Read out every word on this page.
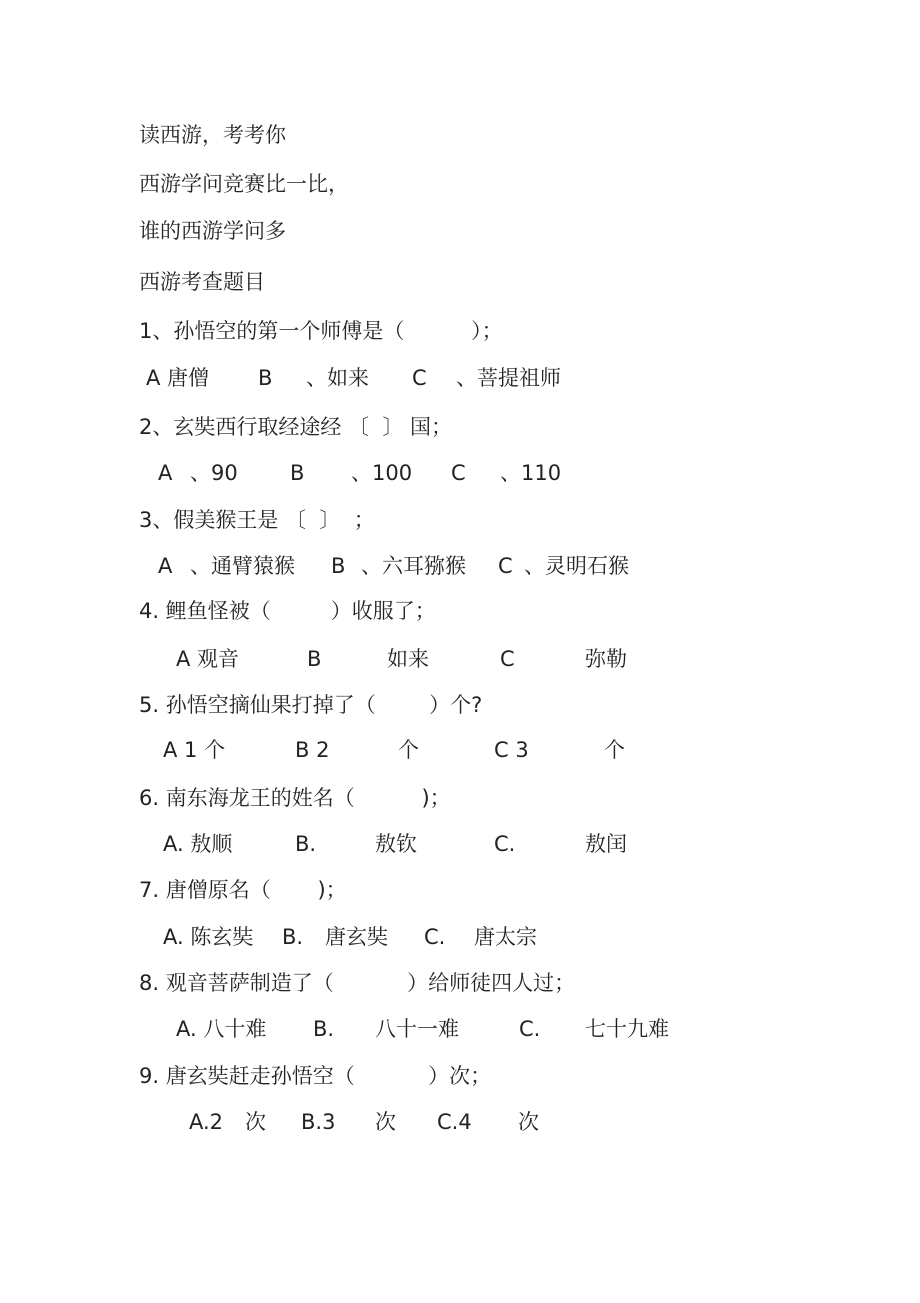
读西游，考考你
西游学问竞赛比一比，
谁的西游学问多
西游考查题目
1、孙悟空的第一个师傅是（          ）；
A 唐僧 B 、如来 C 、菩提祖师
2、玄奘西行取经途经 〔  〕 国；
A 、90 B 、100 C 、110
3、假美猴王是 〔  〕  ；
A 、通臂猿猴 B 、六耳猕猴 C 、灵明石猴
4. 鲤鱼怪被（         ）收服了；
A 观音	B	如来	C	弥勒
5. 孙悟空摘仙果打掉了（        ）个?
A 1 个	B 2	个	C 3	个
6. 南东海龙王的姓名（          )；
A. 敖顺	B.	敖钦	C.	敖闰
7. 唐僧原名（       )；
A. 陈玄奘 B. 唐玄奘 C. 唐太宗
8. 观音菩萨制造了（           ）给师徒四人过；
A. 八十难 B. 八十一难	C. 七十九难
9. 唐玄奘赶走孙悟空（           ）次；
A.2 次 B.3 次 C.4 次
